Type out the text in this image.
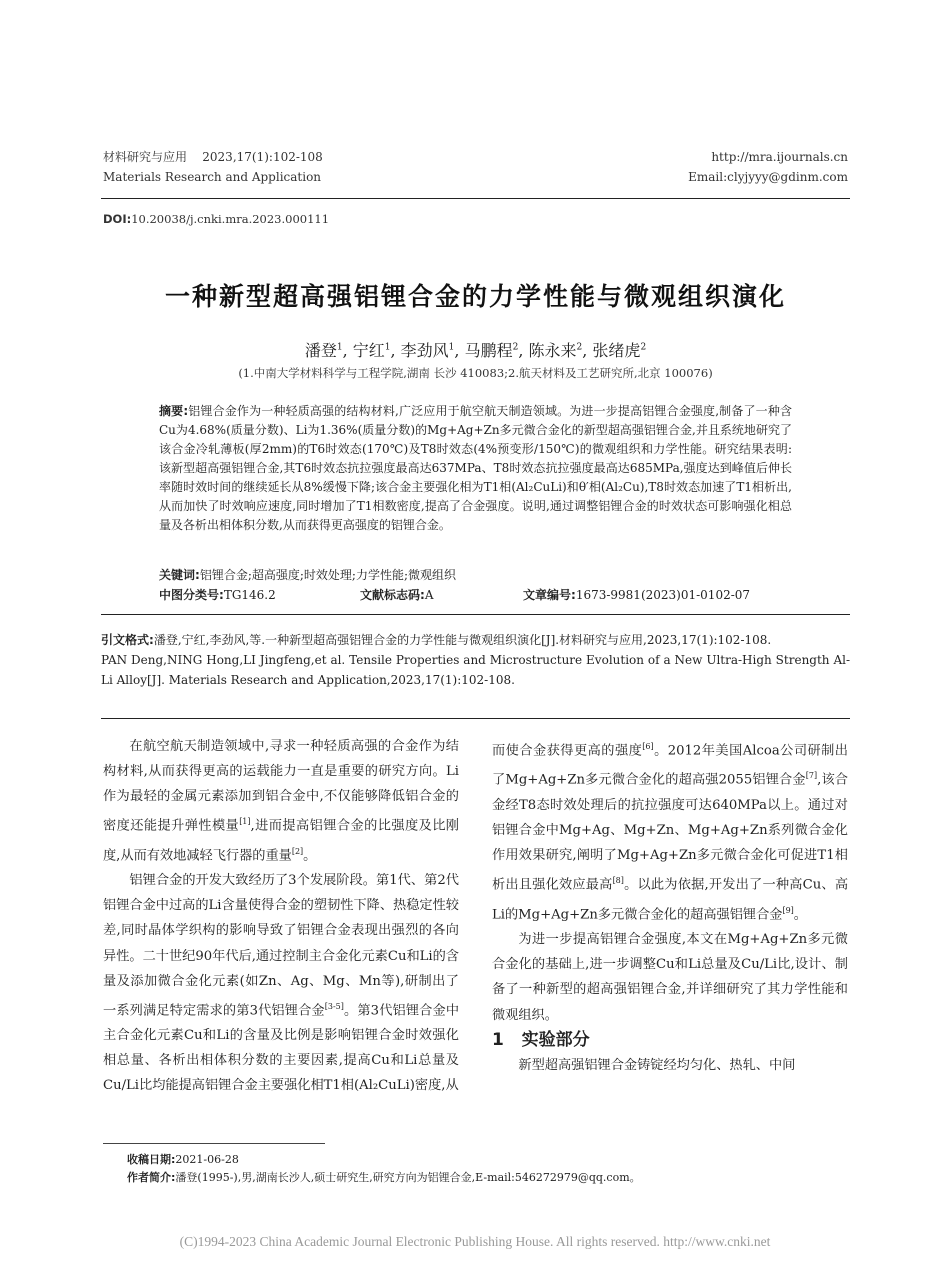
材料研究与应用 2023,17(1):102-108
Materials Research and Application
http://mra.ijournals.cn
Email:clyjyyy@gdinm.com
DOI:10.20038/j.cnki.mra.2023.000111
一种新型超高强铝锂合金的力学性能与微观组织演化
潘登$^1$, 宁红$^1$, 李劲风$^1$, 马鹏程$^2$, 陈永来$^2$, 张绪虎$^2$
(1.中南大学材料科学与工程学院,湖南 长沙 410083;2.航天材料及工艺研究所,北京 100076)
摘要:铝锂合金作为一种轻质高强的结构材料,广泛应用于航空航天制造领域。为进一步提高铝锂合金强度,制备了一种含Cu为4.68%(质量分数)、Li为1.36%(质量分数)的Mg+Ag+Zn多元微合金化的新型超高强铝锂合金,并且系统地研究了该合金冷轧薄板(厚2mm)的T6时效态(170℃)及T8时效态(4%预变形/150℃)的微观组织和力学性能。研究结果表明:该新型超高强铝锂合金,其T6时效态抗拉强度最高达637MPa、T8时效态抗拉强度最高达685MPa,强度达到峰值后伸长率随时效时间的继续延长从8%缓慢下降;该合金主要强化相为T1相(Al₂CuLi)和θ′相(Al₂Cu),T8时效态加速了T1相析出,从而加快了时效响应速度,同时增加了T1相数密度,提高了合金强度。说明,通过调整铝锂合金的时效状态可影响强化相总量及各析出相体积分数,从而获得更高强度的铝锂合金。
关键词:铝锂合金;超高强度;时效处理;力学性能;微观组织
中图分类号:TG146.2	文献标志码:A	文章编号:1673-9981(2023)01-0102-07
引文格式:潘登,宁红,李劲风,等.一种新型超高强铝锂合金的力学性能与微观组织演化[J].材料研究与应用,2023,17(1):102-108.
PAN Deng,NING Hong,LI Jingfeng,et al. Tensile Properties and Microstructure Evolution of a New Ultra-High Strength Al-Li Alloy[J]. Materials Research and Application,2023,17(1):102-108.

在航空航天制造领域中,寻求一种轻质高强的合金作为结构材料,从而获得更高的运载能力一直是重要的研究方向。Li作为最轻的金属元素添加到铝合金中,不仅能够降低铝合金的密度还能提升弹性模量[1],进而提高铝锂合金的比强度及比刚度,从而有效地减轻飞行器的重量[2]。

铝锂合金的开发大致经历了3个发展阶段。第1代、第2代铝锂合金中过高的Li含量使得合金的塑韧性下降、热稳定性较差,同时晶体学织构的影响导致了铝锂合金表现出强烈的各向异性。二十世纪90年代后,通过控制主合金化元素Cu和Li的含量及添加微合金化元素(如Zn、Ag、Mg、Mn等),研制出了一系列满足特定需求的第3代铝锂合金[3-5]。第3代铝锂合金中主合金化元素Cu和Li的含量及比例是影响铝锂合金时效强化相总量、各析出相体积分数的主要因素,提高Cu和Li总量及Cu/Li比均能提高铝锂合金主要强化相T1相(Al₂CuLi)密度,从

而使合金获得更高的强度[6]。2012年美国Alcoa公司研制出了Mg+Ag+Zn多元微合金化的超高强2055铝锂合金[7],该合金经T8态时效处理后的抗拉强度可达640MPa以上。通过对铝锂合金中Mg+Ag、Mg+Zn、Mg+Ag+Zn系列微合金化作用效果研究,阐明了Mg+Ag+Zn多元微合金化可促进T1相析出且强化效应最高[8]。以此为依据,开发出了一种高Cu、高Li的Mg+Ag+Zn多元微合金化的超高强铝锂合金[9]。

为进一步提高铝锂合金强度,本文在Mg+Ag+Zn多元微合金化的基础上,进一步调整Cu和Li总量及Cu/Li比,设计、制备了一种新型的超高强铝锂合金,并详细研究了其力学性能和微观组织。

1 实验部分

新型超高强铝锂合金铸锭经均匀化、热轧、中间

收稿日期:2021-06-28
作者简介:潘登(1995-),男,湖南长沙人,硕士研究生,研究方向为铝锂合金,E-mail:546272979@qq.com。
(C)1994-2023 China Academic Journal Electronic Publishing House. All rights reserved. http://www.cnki.net
